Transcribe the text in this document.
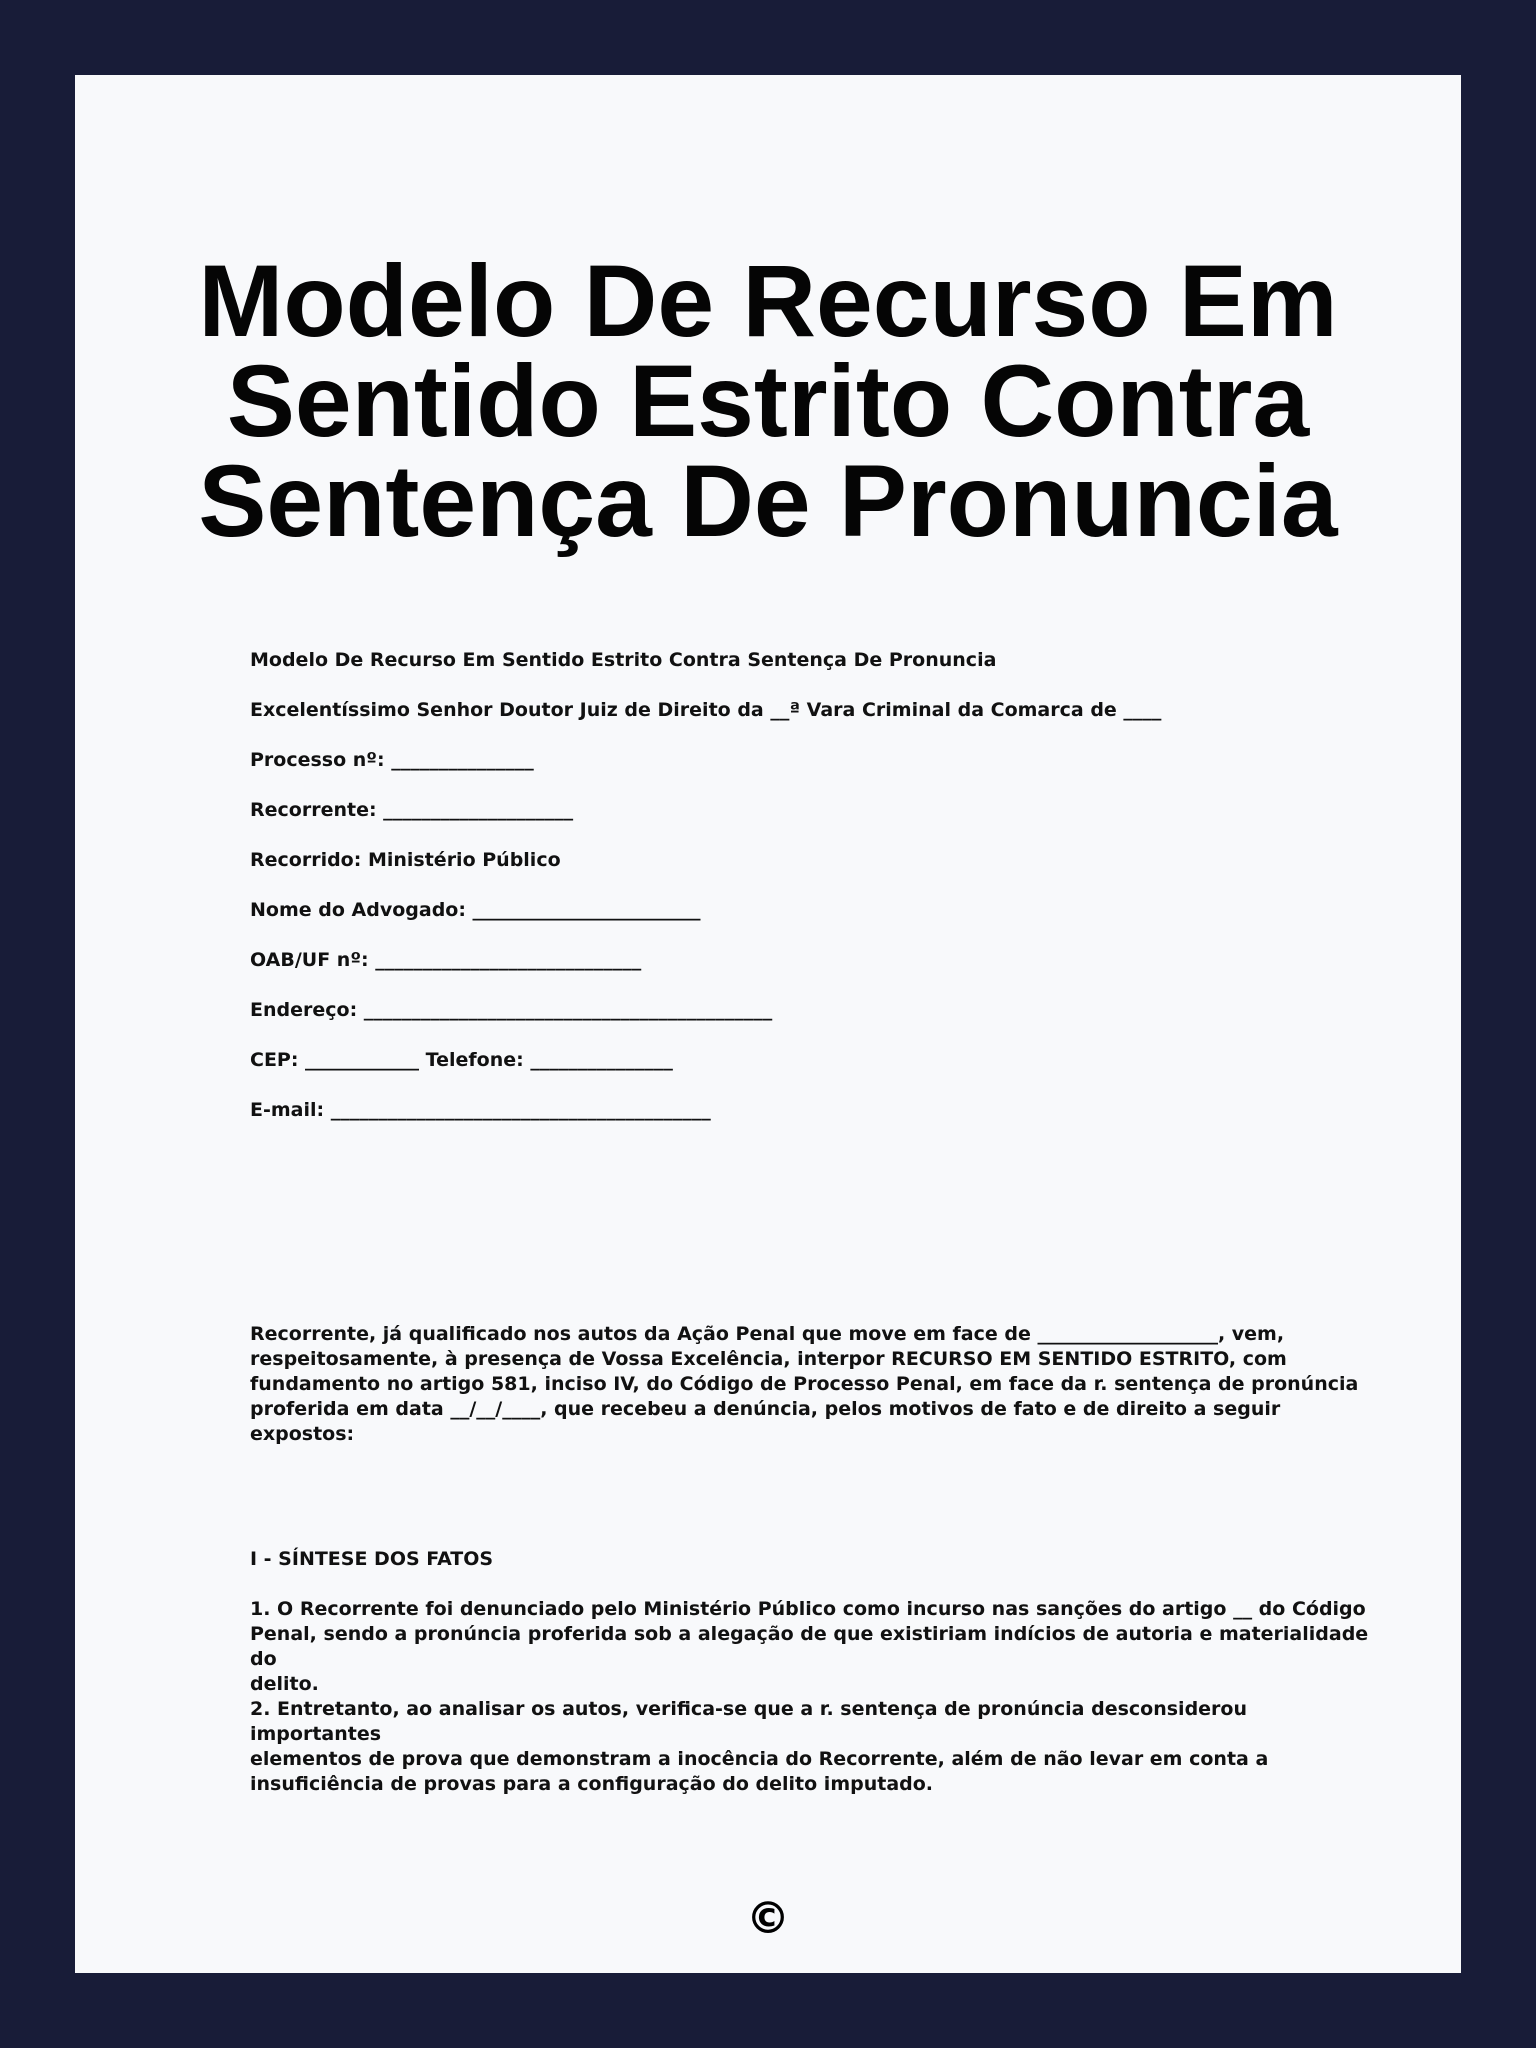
Modelo De Recurso Em Sentido Estrito Contra Sentença De Pronuncia
Modelo De Recurso Em Sentido Estrito Contra Sentença De Pronuncia
Excelentíssimo Senhor Doutor Juiz de Direito da __ª Vara Criminal da Comarca de ____
Processo nº: _______________
Recorrente: ____________________
Recorrido: Ministério Público
Nome do Advogado: ________________________
OAB/UF nº: ____________________________
Endereço: ___________________________________________
CEP: ____________ Telefone: _______________
E-mail: ________________________________________

Recorrente, já qualificado nos autos da Ação Penal que move em face de ___________________, vem,
respeitosamente, à presença de Vossa Excelência, interpor RECURSO EM SENTIDO ESTRITO, com
fundamento no artigo 581, inciso IV, do Código de Processo Penal, em face da r. sentença de pronúncia
proferida em data __/__/____, que recebeu a denúncia, pelos motivos de fato e de direito a seguir expostos:

I - SÍNTESE DOS FATOS

1. O Recorrente foi denunciado pelo Ministério Público como incurso nas sanções do artigo __ do Código
Penal, sendo a pronúncia proferida sob a alegação de que existiriam indícios de autoria e materialidade do
delito.

2. Entretanto, ao analisar os autos, verifica-se que a r. sentença de pronúncia desconsiderou importantes
elementos de prova que demonstram a inocência do Recorrente, além de não levar em conta a
insuficiência de provas para a configuração do delito imputado.

©
